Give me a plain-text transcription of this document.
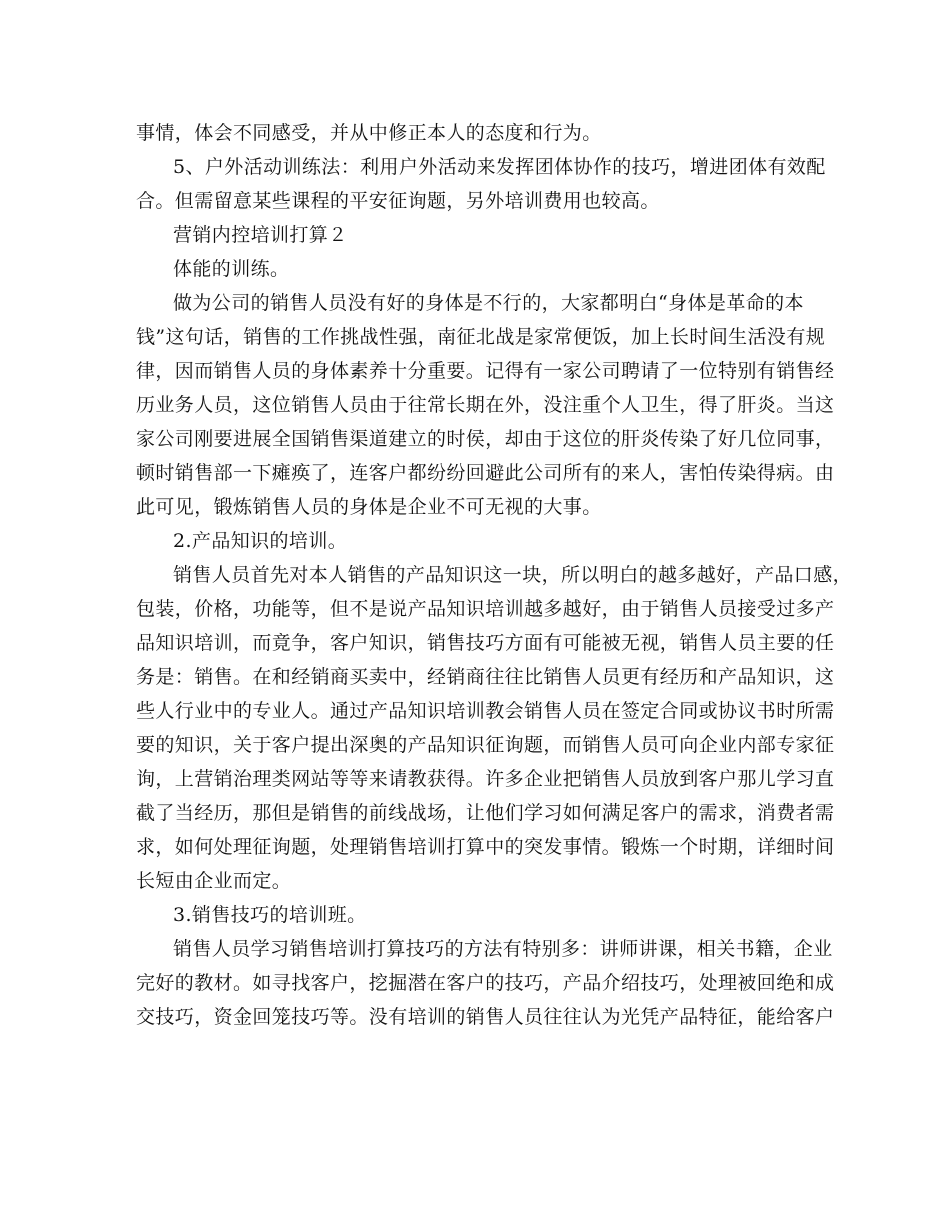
事情，体会不同感受，并从中修正本人的态度和行为。
5、户外活动训练法：利用户外活动来发挥团体协作的技巧，增进团体有效配
合。但需留意某些课程的平安征询题，另外培训费用也较高。
营销内控培训打算２
体能的训练。
做为公司的销售人员没有好的身体是不行的，大家都明白“身体是革命的本
钱”这句话，销售的工作挑战性强，南征北战是家常便饭，加上长时间生活没有规
律，因而销售人员的身体素养十分重要。记得有一家公司聘请了一位特别有销售经
历业务人员，这位销售人员由于往常长期在外，没注重个人卫生，得了肝炎。当这
家公司刚要进展全国销售渠道建立的时侯，却由于这位的肝炎传染了好几位同事，
顿时销售部一下瘫痪了，连客户都纷纷回避此公司所有的来人，害怕传染得病。由
此可见，锻炼销售人员的身体是企业不可无视的大事。
2.产品知识的培训。
销售人员首先对本人销售的产品知识这一块，所以明白的越多越好，产品口感，
包装，价格，功能等，但不是说产品知识培训越多越好，由于销售人员接受过多产
品知识培训，而竟争，客户知识，销售技巧方面有可能被无视，销售人员主要的任
务是：销售。在和经销商买卖中，经销商往往比销售人员更有经历和产品知识，这
些人行业中的专业人。通过产品知识培训教会销售人员在签定合同或协议书时所需
要的知识，关于客户提出深奥的产品知识征询题，而销售人员可向企业内部专家征
询，上营销治理类网站等等来请教获得。许多企业把销售人员放到客户那儿学习直
截了当经历，那但是销售的前线战场，让他们学习如何满足客户的需求，消费者需
求，如何处理征询题，处理销售培训打算中的突发事情。锻炼一个时期，详细时间
长短由企业而定。
3.销售技巧的培训班。
销售人员学习销售培训打算技巧的方法有特别多：讲师讲课，相关书籍，企业
完好的教材。如寻找客户，挖掘潜在客户的技巧，产品介绍技巧，处理被回绝和成
交技巧，资金回笼技巧等。没有培训的销售人员往往认为光凭产品特征，能给客户
